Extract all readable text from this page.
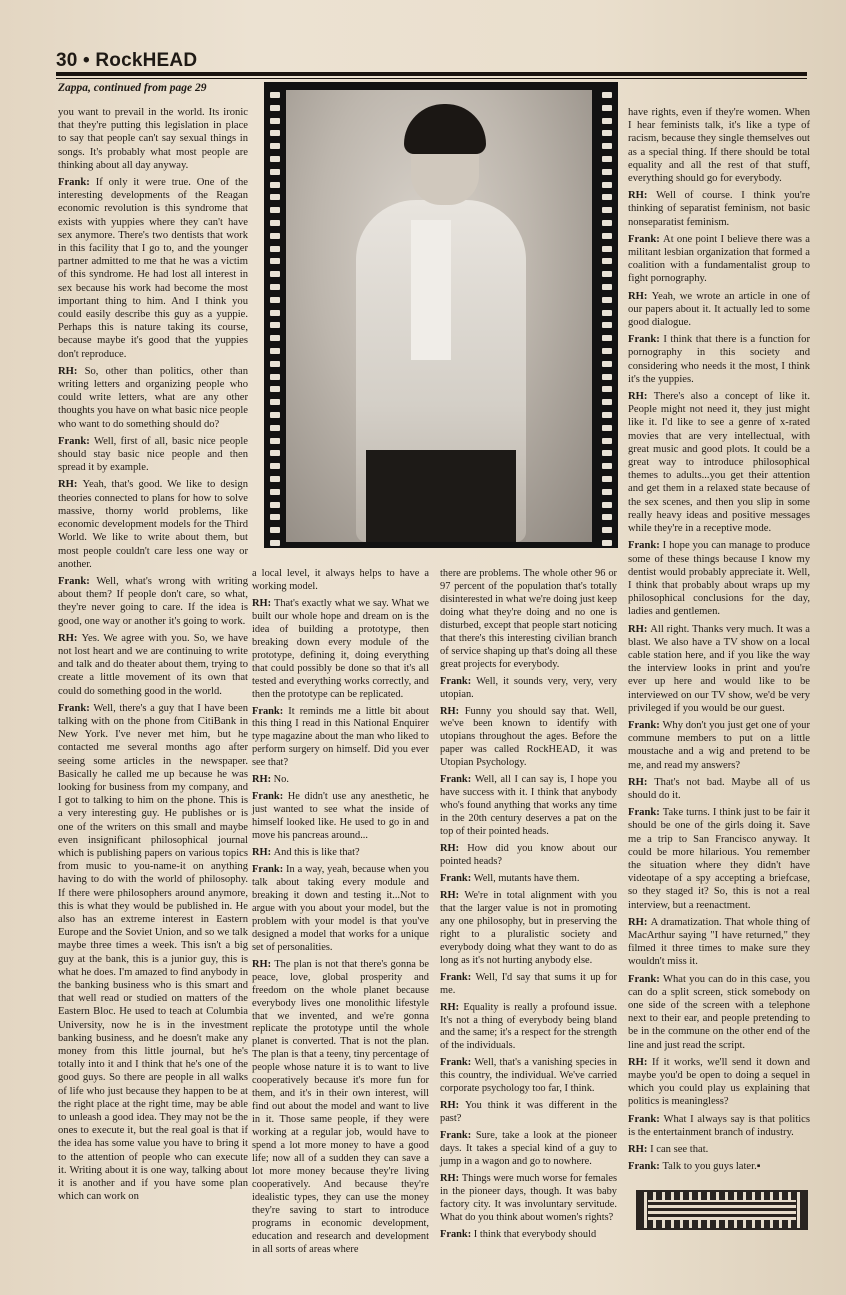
30 • RockHEAD
Zappa, continued from page 29

you want to prevail in the world. Its ironic that they're putting this legislation in place to say that people can't say sexual things in songs. It's probably what most people are thinking about all day anyway.

Frank: If only it were true. One of the interesting developments of the Reagan economic revolution is this syndrome that exists with yuppies where they can't have sex anymore. There's two dentists that work in this facility that I go to, and the younger partner admitted to me that he was a victim of this syndrome. He had lost all interest in sex because his work had become the most important thing to him. And I think you could easily describe this guy as a yuppie. Perhaps this is nature taking its course, because maybe it's good that the yuppies don't reproduce.

RH: So, other than politics, other than writing letters and organizing people who could write letters, what are any other thoughts you have on what basic nice people who want to do something should do?

Frank: Well, first of all, basic nice people should stay basic nice people and then spread it by example.

RH: Yeah, that's good. We like to design theories connected to plans for how to solve massive, thorny world problems, like economic development models for the Third World. We like to write about them, but most people couldn't care less one way or another.

Frank: Well, what's wrong with writing about them? If people don't care, so what, they're never going to care. If the idea is good, one way or another it's going to work.

RH: Yes. We agree with you. So, we have not lost heart and we are continuing to write and talk and do theater about them, trying to create a little movement of its own that could do something good in the world.

Frank: Well, there's a guy that I have been talking with on the phone from CitiBank in New York. I've never met him, but he contacted me several months ago after seeing some articles in the newspaper. Basically he called me up because he was looking for business from my company, and I got to talking to him on the phone. This is a very interesting guy. He publishes or is one of the writers on this small and maybe even insignificant philosophical journal which is publishing papers on various topics from music to you-name-it on anything having to do with the world of philosophy. If there were philosophers around anymore, this is what they would be published in. He also has an extreme interest in Eastern Europe and the Soviet Union, and so we talk maybe three times a week. This isn't a big guy at the bank, this is a junior guy, this is what he does. I'm amazed to find anybody in the banking business who is this smart and that well read or studied on matters of the Eastern Bloc. He used to teach at Columbia University, now he is in the investment banking business, and he doesn't make any money from this little journal, but he's totally into it and I think that he's one of the good guys. So there are people in all walks of life who just because they happen to be at the right place at the right time, may be able to unleash a good idea. They may not be the ones to execute it, but the real goal is that if the idea has some value you have to bring it to the attention of people who can execute it. Writing about it is one way, talking about it is another and if you have some plan which can work on

a local level, it always helps to have a working model.

RH: That's exactly what we say. What we built our whole hope and dream on is the idea of building a prototype, then breaking down every module of the prototype, defining it, doing everything that could possibly be done so that it's all tested and everything works correctly, and then the prototype can be replicated.

Frank: It reminds me a little bit about this thing I read in this National Enquirer type magazine about the man who liked to perform surgery on himself. Did you ever see that?

RH: No.

Frank: He didn't use any anesthetic, he just wanted to see what the inside of himself looked like. He used to go in and move his pancreas around...

RH: And this is like that?

Frank: In a way, yeah, because when you talk about taking every module and breaking it down and testing it...Not to argue with you about your model, but the problem with your model is that you've designed a model that works for a unique set of personalities.

RH: The plan is not that there's gonna be peace, love, global prosperity and freedom on the whole planet because everybody lives one monolithic lifestyle that we invented, and we're gonna replicate the prototype until the whole planet is converted. That is not the plan. The plan is that a teeny, tiny percentage of people whose nature it is to want to live cooperatively because it's more fun for them, and it's in their own interest, will find out about the model and want to live in it. Those same people, if they were working at a regular job, would have to spend a lot more money to have a good life; now all of a sudden they can save a lot more money because they're living cooperatively. And because they're idealistic types, they can use the money they're saving to start to introduce programs in economic development, education and research and development in all sorts of areas where

there are problems. The whole other 96 or 97 percent of the population that's totally disinterested in what we're doing just keep doing what they're doing and no one is disturbed, except that people start noticing that there's this interesting civilian branch of service shaping up that's doing all these great projects for everybody.

Frank: Well, it sounds very, very, very utopian.

RH: Funny you should say that. Well, we've been known to identify with utopians throughout the ages. Before the paper was called RockHEAD, it was Utopian Psychology.

Frank: Well, all I can say is, I hope you have success with it. I think that anybody who's found anything that works any time in the 20th century deserves a pat on the top of their pointed heads.

RH: How did you know about our pointed heads?

Frank: Well, mutants have them.

RH: We're in total alignment with you that the larger value is not in promoting any one philosophy, but in preserving the right to a pluralistic society and everybody doing what they want to do as long as it's not hurting anybody else.

Frank: Well, I'd say that sums it up for me.

RH: Equality is really a profound issue. It's not a thing of everybody being bland and the same; it's a respect for the strength of the individuals.

Frank: Well, that's a vanishing species in this country, the individual. We've carried corporate psychology too far, I think.

RH: You think it was different in the past?

Frank: Sure, take a look at the pioneer days. It takes a special kind of a guy to jump in a wagon and go to nowhere.

RH: Things were much worse for females in the pioneer days, though. It was baby factory city. It was involuntary servitude. What do you think about women's rights?

Frank: I think that everybody should

have rights, even if they're women. When I hear feminists talk, it's like a type of racism, because they single themselves out as a special thing. If there should be total equality and all the rest of that stuff, everything should go for everybody.

RH: Well of course. I think you're thinking of separatist feminism, not basic nonseparatist feminism.

Frank: At one point I believe there was a militant lesbian organization that formed a coalition with a fundamentalist group to fight pornography.

RH: Yeah, we wrote an article in one of our papers about it. It actually led to some good dialogue.

Frank: I think that there is a function for pornography in this society and considering who needs it the most, I think it's the yuppies.

RH: There's also a concept of like it. People might not need it, they just might like it. I'd like to see a genre of x-rated movies that are very intellectual, with great music and good plots. It could be a great way to introduce philosophical themes to adults...you get their attention and get them in a relaxed state because of the sex scenes, and then you slip in some really heavy ideas and positive messages while they're in a receptive mode.

Frank: I hope you can manage to produce some of these things because I know my dentist would probably appreciate it. Well, I think that probably about wraps up my philosophical conclusions for the day, ladies and gentlemen.

RH: All right. Thanks very much. It was a blast. We also have a TV show on a local cable station here, and if you like the way the interview looks in print and you're ever up here and would like to be interviewed on our TV show, we'd be very privileged if you would be our guest.

Frank: Why don't you just get one of your commune members to put on a little moustache and a wig and pretend to be me, and read my answers?

RH: That's not bad. Maybe all of us should do it.

Frank: Take turns. I think just to be fair it should be one of the girls doing it. Save me a trip to San Francisco anyway. It could be more hilarious. You remember the situation where they didn't have videotape of a spy accepting a briefcase, so they staged it? So, this is not a real interview, but a reenactment.

RH: A dramatization. That whole thing of MacArthur saying "I have returned," they filmed it three times to make sure they wouldn't miss it.

Frank: What you can do in this case, you can do a split screen, stick somebody on one side of the screen with a telephone next to their ear, and people pretending to be in the commune on the other end of the line and just read the script.

RH: If it works, we'll send it down and maybe you'd be open to doing a sequel in which you could play us explaining that politics is meaningless?

Frank: What I always say is that politics is the entertainment branch of industry.

RH: I can see that.

Frank: Talk to you guys later.▪
